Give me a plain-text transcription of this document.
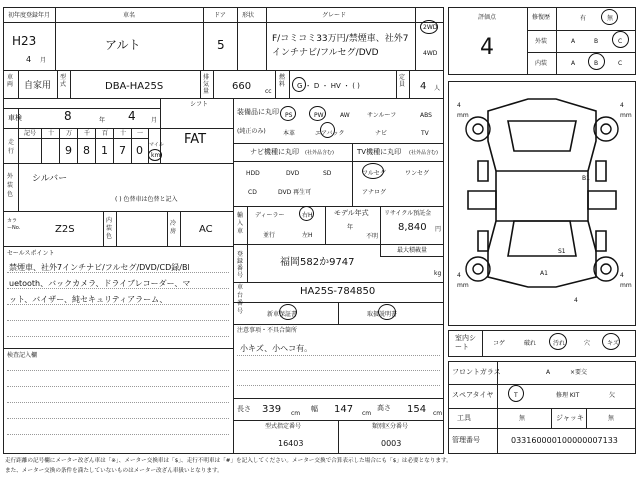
初年度登録年月	車名	ドア	形状	グレード
H23
4 月
アルト	5	F/コミコミ33万円/禁煙車、社外7
インチナビ/フルセグ/DVD
2WD
4WD
車両 自家用
型式	DBA-HA25S
排気量 660 cc
燃料 G ・ D ・ HV ・ ( )
定員 4 人
シフト
車検	8	年 4	月
FAT
走行
記号 十 万 千 百 十 一
9 8 1 7 0 マイル
km
外装色
シルバー
( ) 色替車は色替と記入
カラーNo.	Z2S
内装色
冷房 AC
セールスポイント
禁煙車、社外7インチナビ/フルセグ/DVD/CD録/Bl
uetooth、バックカメラ、ドライブレコーダー、マ
ット、バイザー、純セキュリティアラーム、
検査記入欄
装備品に丸印
(純正のみ)
PS	PW	AW	サンルーフ	ABS
本革	エアバック	ナビ	TV
ナビ機種に丸印 (社外品含む)	TV機種に丸印 (社外品含む)
HDD	DVD	SD
CD	DVD 再生可
フルセグ	ワンセグ
アナログ
輸入車
ディーラー
並行
右H
左H
モデル年式
年
不明
リサイクル預託金
8,840 円
最大積載量
kg
登録番号
福岡582か9747
車台番号
HA25S-784850
新車保証書	取扱説明書
注意事項・不具合箇所
小キズ、小ヘコ有。
長さ 339 cm
幅 147 cm
高さ 154 cm
型式指定番号
16403
類別区分番号
0003
評価点
4
修復歴	有	無
外装	A	B	C
内装	A	B	C
4
mm
4
mm
4
mm
4
mm
4
B1
A1
S1
室内シート	コゲ	破れ	汚れ	穴	キズ
フロントガラス	A	×要交
スペアタイヤ	T	修理 KIT	欠
工具	無	ジャッキ	無
管理番号	033160000100000007133
走行距離の記号欄にメーター改ざん車は「※」、メーター交換車は「$」、走行不明車は「#」を記入してください。メーター交換で合算表示した場合にも「$」は必要となります。
また、メーター交換の条件を満たしていないものはメーター改ざん車扱いとなります。
